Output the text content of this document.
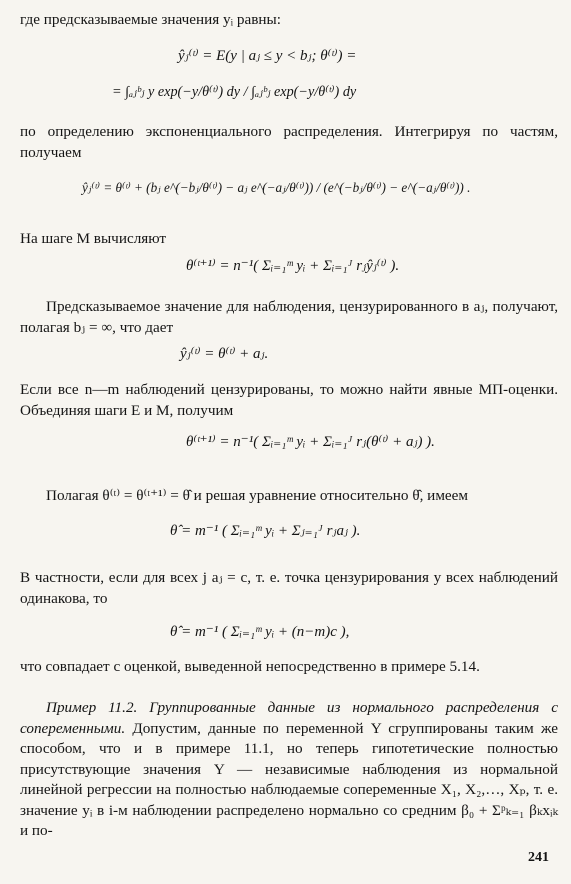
где предсказываемые значения yᵢ равны:

ŷⱼ⁽ᵗ⁾ = E(y | aⱼ ≤ y < bⱼ; θ⁽ᵗ⁾) =

= ∫ₐⱼᵇⱼ y exp(−y/θ⁽ᵗ⁾) dy / ∫ₐⱼᵇⱼ exp(−y/θ⁽ᵗ⁾) dy

по определению экспоненциального распределения. Интегрируя по частям, получаем

ŷⱼ⁽ᵗ⁾ = θ⁽ᵗ⁾ + (bⱼ e^(−bⱼ/θ⁽ᵗ⁾) − aⱼ e^(−aⱼ/θ⁽ᵗ⁾)) / (e^(−bⱼ/θ⁽ᵗ⁾) − e^(−aⱼ/θ⁽ᵗ⁾)) .

На шаге М вычисляют

θ⁽ᵗ⁺¹⁾ = n⁻¹( Σᵢ₌₁ᵐ yᵢ + Σᵢ₌₁ᴶ rⱼŷⱼ⁽ᵗ⁾ ).

Предсказываемое значение для наблюдения, цензурированного в aⱼ, получают, полагая bⱼ = ∞, что дает

ŷⱼ⁽ᵗ⁾ = θ⁽ᵗ⁾ + aⱼ.

Если все n—m наблюдений цензурированы, то можно найти явные МП-оценки. Объединяя шаги Е и М, получим

θ⁽ᵗ⁺¹⁾ = n⁻¹( Σᵢ₌₁ᵐ yᵢ + Σᵢ₌₁ᴶ rⱼ(θ⁽ᵗ⁾ + aⱼ) ).

Полагая θ⁽ᵗ⁾ = θ⁽ᵗ⁺¹⁾ = θ̂ и решая уравнение относительно θ̂, имеем

θ̂ = m⁻¹ ( Σᵢ₌₁ᵐ yᵢ + Σⱼ₌₁ᴶ rⱼaⱼ ).

В частности, если для всех j aⱼ = c, т. е. точка цензурирования у всех наблюдений одинакова, то

θ̂ = m⁻¹ ( Σᵢ₌₁ᵐ yᵢ + (n−m)c ),

что совпадает с оценкой, выведенной непосредственно в примере 5.14.

Пример 11.2. Группированные данные из нормального распределения с сопеременными. Допустим, данные по переменной Y сгруппированы таким же способом, что и в примере 11.1, но теперь гипотетические полностью присутствующие значения Y — независимые наблюдения из нормальной линейной регрессии на полностью наблюдаемые сопеременные X₁, X₂,…, Xₚ, т. е. значение yᵢ в i-м наблюдении распределено нормально со средним β₀ + Σᵖₖ₌₁ βₖxᵢₖ и по-

241
